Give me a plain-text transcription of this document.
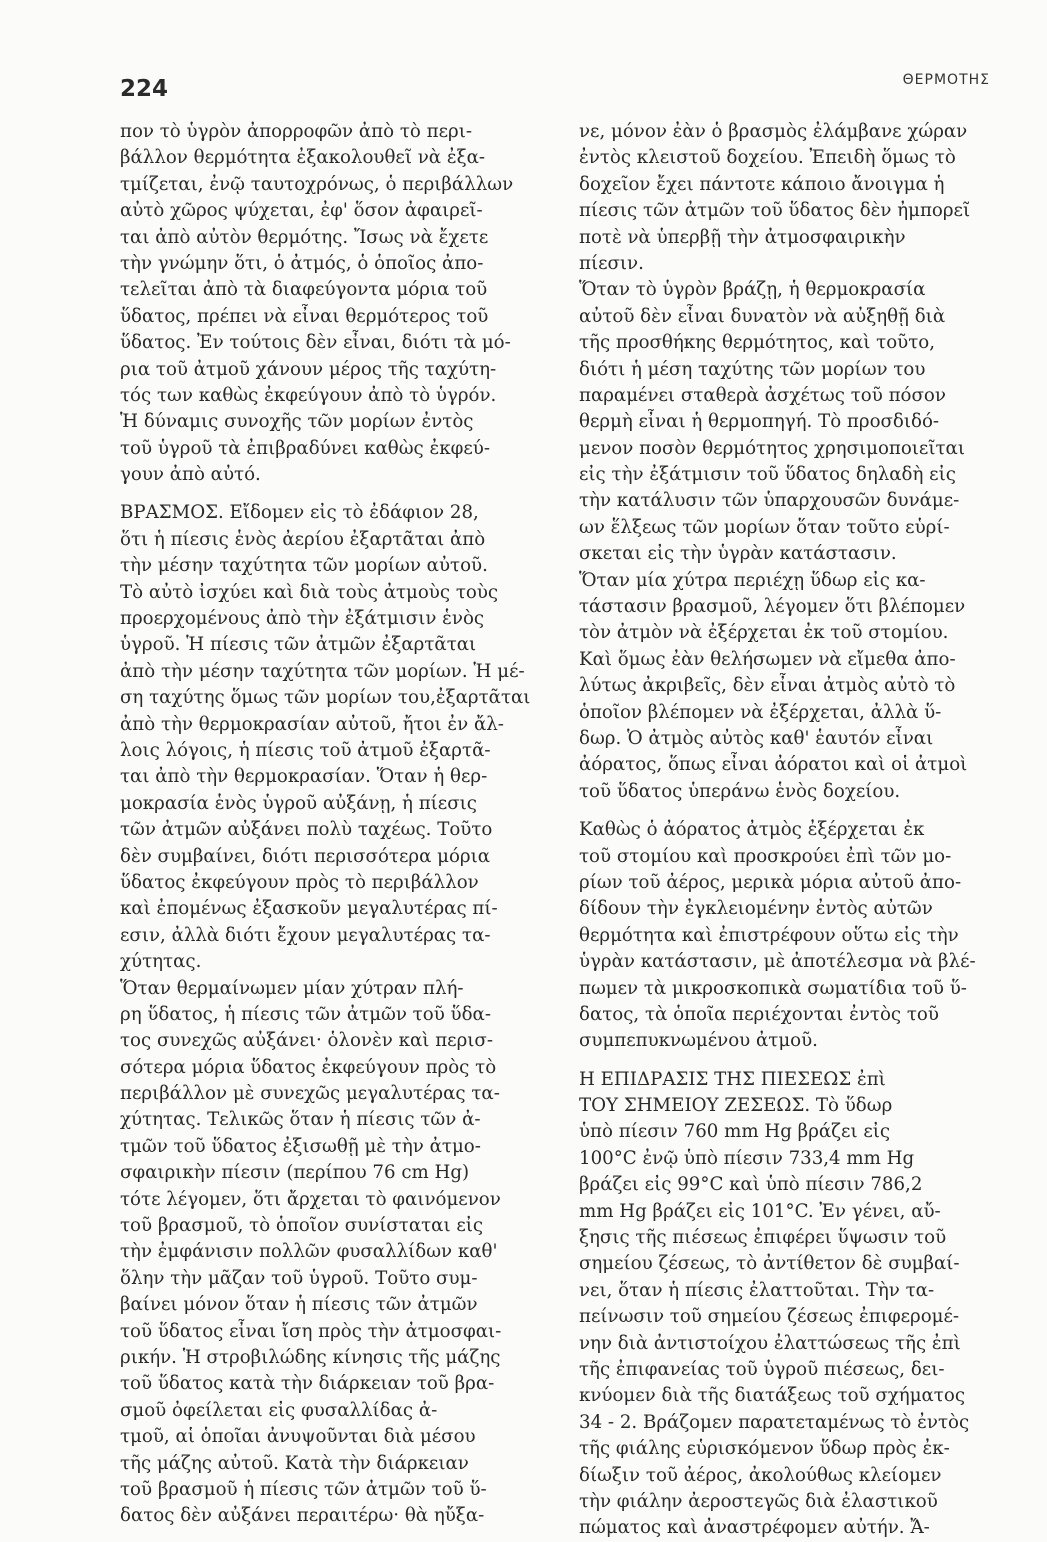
224	ΘΕΡΜΟΤΗΣ
πον τὸ ὑγρὸν ἀπορροφῶν ἀπὸ τὸ περι-
βάλλον θερμότητα ἐξακολουθεῖ νὰ ἐξα-
τμίζεται, ἐνῷ ταυτοχρόνως, ὁ περιβάλλων
αὐτὸ χῶρος ψύχεται, ἐφ' ὅσον ἀφαιρεῖ-
ται ἀπὸ αὐτὸν θερμότης. Ἴσως νὰ ἔχετε
τὴν γνώμην ὅτι, ὁ ἀτμός, ὁ ὁποῖος ἀπο-
τελεῖται ἀπὸ τὰ διαφεύγοντα μόρια τοῦ
ὕδατος, πρέπει νὰ εἶναι θερμότερος τοῦ
ὕδατος. Ἐν τούτοις δὲν εἶναι, διότι τὰ μό-
ρια τοῦ ἀτμοῦ χάνουν μέρος τῆς ταχύτη-
τός των καθὼς ἐκφεύγουν ἀπὸ τὸ ὑγρόν.
Ἡ δύναμις συνοχῆς τῶν μορίων ἐντὸς
τοῦ ὑγροῦ τὰ ἐπιβραδύνει καθὼς ἐκφεύ-
γουν ἀπὸ αὐτό.
ΒΡΑΣΜΟΣ. Εἴδομεν εἰς τὸ ἐδάφιον 28,
ὅτι ἡ πίεσις ἑνὸς ἀερίου ἐξαρτᾶται ἀπὸ
τὴν μέσην ταχύτητα τῶν μορίων αὐτοῦ.
Τὸ αὐτὸ ἰσχύει καὶ διὰ τοὺς ἀτμοὺς τοὺς
προερχομένους ἀπὸ τὴν ἐξάτμισιν ἑνὸς
ὑγροῦ. Ἡ πίεσις τῶν ἀτμῶν ἐξαρτᾶται
ἀπὸ τὴν μέσην ταχύτητα τῶν μορίων. Ἡ μέ-
ση ταχύτης ὅμως τῶν μορίων του,ἐξαρτᾶται
ἀπὸ τὴν θερμοκρασίαν αὐτοῦ, ἤτοι ἐν ἄλ-
λοις λόγοις, ἡ πίεσις τοῦ ἀτμοῦ ἐξαρτᾶ-
ται ἀπὸ τὴν θερμοκρασίαν. Ὅταν ἡ θερ-
μοκρασία ἑνὸς ὑγροῦ αὐξάνῃ, ἡ πίεσις
τῶν ἀτμῶν αὐξάνει πολὺ ταχέως. Τοῦτο
δὲν συμβαίνει, διότι περισσότερα μόρια
ὕδατος ἐκφεύγουν πρὸς τὸ περιβάλλον
καὶ ἐπομένως ἐξασκοῦν μεγαλυτέρας πί-
εσιν, ἀλλὰ διότι ἔχουν μεγαλυτέρας τα-
χύτητας.
Ὅταν θερμαίνωμεν μίαν χύτραν πλή-
ρη ὕδατος, ἡ πίεσις τῶν ἀτμῶν τοῦ ὕδα-
τος συνεχῶς αὐξάνει· ὁλονὲν καὶ περισ-
σότερα μόρια ὕδατος ἐκφεύγουν πρὸς τὸ
περιβάλλον μὲ συνεχῶς μεγαλυτέρας τα-
χύτητας. Τελικῶς ὅταν ἡ πίεσις τῶν ἀ-
τμῶν τοῦ ὕδατος ἐξισωθῇ μὲ τὴν ἀτμο-
σφαιρικὴν πίεσιν (περίπου 76 cm Hg)
τότε λέγομεν, ὅτι ἄρχεται τὸ φαινόμενον
τοῦ βρασμοῦ, τὸ ὁποῖον συνίσταται εἰς
τὴν ἐμφάνισιν πολλῶν φυσαλλίδων καθ'
ὅλην τὴν μᾶζαν τοῦ ὑγροῦ. Τοῦτο συμ-
βαίνει μόνον ὅταν ἡ πίεσις τῶν ἀτμῶν
τοῦ ὕδατος εἶναι ἴση πρὸς τὴν ἀτμοσφαι-
ρικήν. Ἡ στροβιλώδης κίνησις τῆς μάζης
τοῦ ὕδατος κατὰ τὴν διάρκειαν τοῦ βρα-
σμοῦ ὀφείλεται εἰς φυσαλλίδας ἀ-
τμοῦ, αἱ ὁποῖαι ἀνυψοῦνται διὰ μέσου
τῆς μάζης αὐτοῦ. Κατὰ τὴν διάρκειαν
τοῦ βρασμοῦ ἡ πίεσις τῶν ἀτμῶν τοῦ ὕ-
δατος δὲν αὐξάνει περαιτέρω· θὰ ηὔξα-
νε, μόνον ἐὰν ὁ βρασμὸς ἐλάμβανε χώραν
ἐντὸς κλειστοῦ δοχείου. Ἐπειδὴ ὅμως τὸ
δοχεῖον ἔχει πάντοτε κάποιο ἄνοιγμα ἡ
πίεσις τῶν ἀτμῶν τοῦ ὕδατος δὲν ἠμπορεῖ
ποτὲ νὰ ὑπερβῇ τὴν ἀτμοσφαιρικὴν
πίεσιν.
Ὅταν τὸ ὑγρὸν βράζῃ, ἡ θερμοκρασία
αὐτοῦ δὲν εἶναι δυνατὸν νὰ αὐξηθῇ διὰ
τῆς προσθήκης θερμότητος, καὶ τοῦτο,
διότι ἡ μέση ταχύτης τῶν μορίων του
παραμένει σταθερὰ ἀσχέτως τοῦ πόσον
θερμὴ εἶναι ἡ θερμοπηγή. Τὸ προσδιδό-
μενον ποσὸν θερμότητος χρησιμοποιεῖται
εἰς τὴν ἐξάτμισιν τοῦ ὕδατος δηλαδὴ εἰς
τὴν κατάλυσιν τῶν ὑπαρχουσῶν δυνάμε-
ων ἕλξεως τῶν μορίων ὅταν τοῦτο εὑρί-
σκεται εἰς τὴν ὑγρὰν κατάστασιν.
Ὅταν μία χύτρα περιέχῃ ὕδωρ εἰς κα-
τάστασιν βρασμοῦ, λέγομεν ὅτι βλέπομεν
τὸν ἀτμὸν νὰ ἐξέρχεται ἐκ τοῦ στομίου.
Καὶ ὅμως ἐὰν θελήσωμεν νὰ εἴμεθα ἀπο-
λύτως ἀκριβεῖς, δὲν εἶναι ἀτμὸς αὐτὸ τὸ
ὁποῖον βλέπομεν νὰ ἐξέρχεται, ἀλλὰ ὕ-
δωρ. Ὁ ἀτμὸς αὐτὸς καθ' ἑαυτόν εἶναι
ἀόρατος, ὅπως εἶναι ἀόρατοι καὶ οἱ ἀτμοὶ
τοῦ ὕδατος ὑπεράνω ἑνὸς δοχείου.
Καθὼς ὁ ἀόρατος ἀτμὸς ἐξέρχεται ἐκ
τοῦ στομίου καὶ προσκρούει ἐπὶ τῶν μο-
ρίων τοῦ ἀέρος, μερικὰ μόρια αὐτοῦ ἀπο-
δίδουν τὴν ἐγκλειομένην ἐντὸς αὐτῶν
θερμότητα καὶ ἐπιστρέφουν οὕτω εἰς τὴν
ὑγρὰν κατάστασιν, μὲ ἀποτέλεσμα νὰ βλέ-
πωμεν τὰ μικροσκοπικὰ σωματίδια τοῦ ὕ-
δατος, τὰ ὁποῖα περιέχονται ἐντὸς τοῦ
συμπεπυκνωμένου ἀτμοῦ.
Η ΕΠΙΔΡΑΣΙΣ ΤΗΣ ΠΙΕΣΕΩΣ ἐπὶ
ΤΟΥ ΣΗΜΕΙΟΥ ΖΕΣΕΩΣ. Τὸ ὕδωρ
ὑπὸ πίεσιν 760 mm Hg βράζει εἰς
100°C ἐνῷ ὑπὸ πίεσιν 733,4 mm Hg
βράζει εἰς 99°C καὶ ὑπὸ πίεσιν 786,2
mm Hg βράζει εἰς 101°C. Ἐν γένει, αὔ-
ξησις τῆς πιέσεως ἐπιφέρει ὕψωσιν τοῦ
σημείου ζέσεως, τὸ ἀντίθετον δὲ συμβαί-
νει, ὅταν ἡ πίεσις ἐλαττοῦται. Τὴν τα-
πείνωσιν τοῦ σημείου ζέσεως ἐπιφερομέ-
νην διὰ ἀντιστοίχου ἐλαττώσεως τῆς ἐπὶ
τῆς ἐπιφανείας τοῦ ὑγροῦ πιέσεως, δει-
κνύομεν διὰ τῆς διατάξεως τοῦ σχήματος
34 - 2. Βράζομεν παρατεταμένως τὸ ἐντὸς
τῆς φιάλης εὑρισκόμενον ὕδωρ πρὸς ἐκ-
δίωξιν τοῦ ἀέρος, ἀκολούθως κλείομεν
τὴν φιάλην ἀεροστεγῶς διὰ ἐλαστικοῦ
πώματος καὶ ἀναστρέφομεν αὐτήν. Ἄ-
